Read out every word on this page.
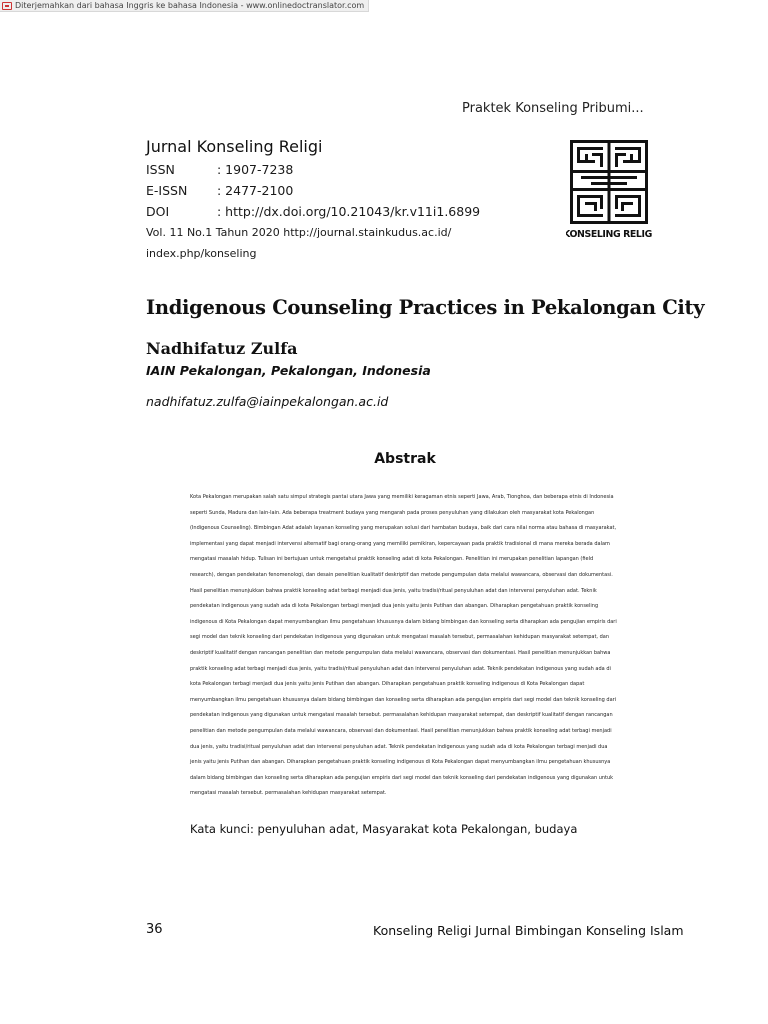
Diterjemahkan dari bahasa Inggris ke bahasa Indonesia - www.onlinedoctranslator.com
Praktek Konseling Pribumi...
Jurnal Konseling Religi
ISSN	: 1907-7238
E-ISSN	: 2477-2100
DOI	: http://dx.doi.org/10.21043/kr.v11i1.6899
Vol. 11 No.1 Tahun 2020 http://journal.stainkudus.ac.id/
index.php/konseling
KONSELING RELIGI
Indigenous Counseling Practices in Pekalongan City
Nadhifatuz Zulfa
IAIN Pekalongan, Pekalongan, Indonesia
nadhifatuz.zulfa@iainpekalongan.ac.id
Abstrak
Kota Pekalongan merupakan salah satu simpul strategis pantai utara Jawa yang memiliki keragaman etnis seperti Jawa, Arab, Tionghoa, dan beberapa etnis di Indonesia seperti Sunda, Madura dan lain-lain. Ada beberapa treatment budaya yang mengarah pada proses penyuluhan yang dilakukan oleh masyarakat kota Pekalongan (Indigenous Counseling). Bimbingan Adat adalah layanan konseling yang merupakan solusi dari hambatan budaya, baik dari cara nilai norma atau bahasa di masyarakat, implementasi yang dapat menjadi intervensi alternatif bagi orang-orang yang memiliki pemikiran, kepercayaan pada praktik tradisional di mana mereka berada dalam mengatasi masalah hidup. Tulisan ini bertujuan untuk mengetahui praktik konseling adat di kota Pekalongan. Penelitian ini merupakan penelitian lapangan (field research), dengan pendekatan fenomenologi, dan desain penelitian kualitatif deskriptif dan metode pengumpulan data melalui wawancara, observasi dan dokumentasi. Hasil penelitian menunjukkan bahwa praktik konseling adat terbagi menjadi dua jenis, yaitu tradisi/ritual penyuluhan adat dan intervensi penyuluhan adat. Teknik pendekatan indigenous yang sudah ada di kota Pekalongan terbagi menjadi dua jenis yaitu jenis Putihan dan abangan. Diharapkan pengetahuan praktik konseling indigenous di Kota Pekalongan dapat menyumbangkan ilmu pengetahuan khususnya dalam bidang bimbingan dan konseling serta diharapkan ada pengujian empiris dari segi model dan teknik konseling dari pendekatan indigenous yang digunakan untuk mengatasi masalah tersebut, permasalahan kehidupan masyarakat setempat, dan deskriptif kualitatif dengan rancangan penelitian dan metode pengumpulan data melalui wawancara, observasi dan dokumentasi. Hasil penelitian menunjukkan bahwa praktik konseling adat terbagi menjadi dua jenis, yaitu tradisi/ritual penyuluhan adat dan intervensi penyuluhan adat. Teknik pendekatan indigenous yang sudah ada di kota Pekalongan terbagi menjadi dua jenis yaitu jenis Putihan dan abangan. Diharapkan pengetahuan praktik konseling indigenous di Kota Pekalongan dapat menyumbangkan ilmu pengetahuan khususnya dalam bidang bimbingan dan konseling serta diharapkan ada pengujian empiris dari segi model dan teknik konseling dari pendekatan indigenous yang digunakan untuk mengatasi masalah tersebut. permasalahan kehidupan masyarakat setempat, dan deskriptif kualitatif dengan rancangan penelitian dan metode pengumpulan data melalui wawancara, observasi dan dokumentasi. Hasil penelitian menunjukkan bahwa praktik konseling adat terbagi menjadi dua jenis, yaitu tradisi/ritual penyuluhan adat dan intervensi penyuluhan adat. Teknik pendekatan indigenous yang sudah ada di kota Pekalongan terbagi menjadi dua jenis yaitu jenis Putihan dan abangan. Diharapkan pengetahuan praktik konseling indigenous di Kota Pekalongan dapat menyumbangkan ilmu pengetahuan khususnya dalam bidang bimbingan dan konseling serta diharapkan ada pengujian empiris dari segi model dan teknik konseling dari pendekatan indigenous yang digunakan untuk mengatasi masalah tersebut. permasalahan kehidupan masyarakat setempat.
Kata kunci: penyuluhan adat, Masyarakat kota Pekalongan, budaya
36	Konseling Religi Jurnal Bimbingan Konseling Islam
